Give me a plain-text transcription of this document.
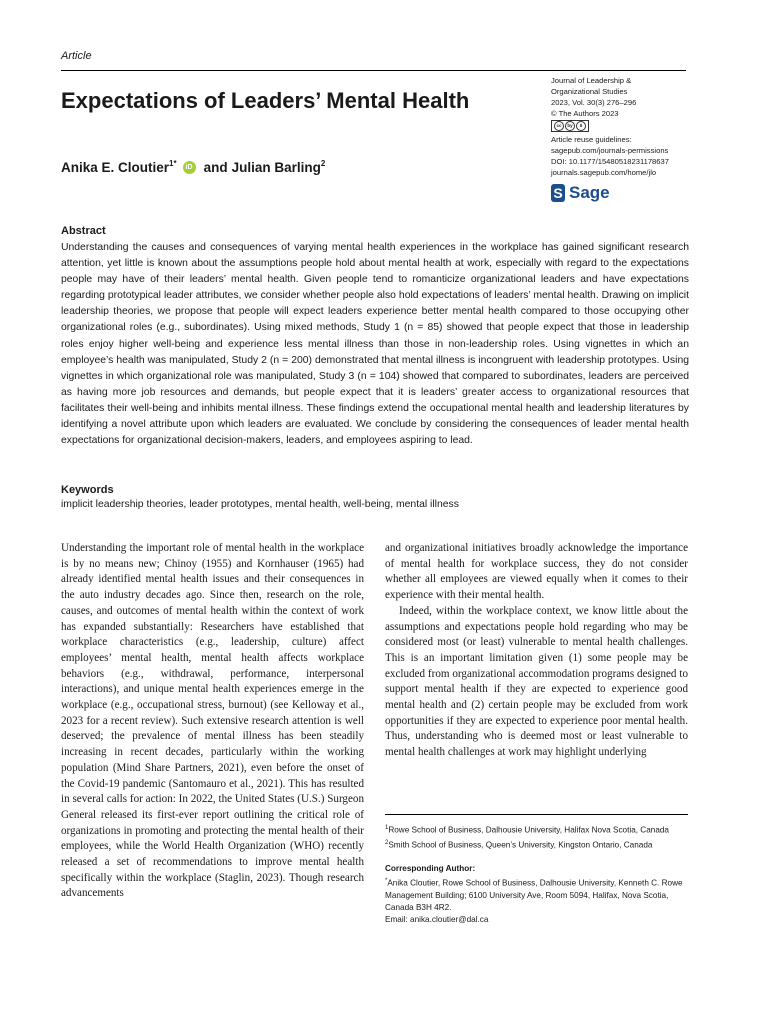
Article
Expectations of Leaders’ Mental Health
Anika E. Cloutier$^{1*}$	iD and Julian Barling$^2$
Journal of Leadership &
Organizational Studies
2023, Vol. 30(3) 276–296
© The Authors 2023
cc	by	$
Article reuse guidelines:
sagepub.com/journals-permissions
DOI: 10.1177/15480518231178637
journals.sagepub.com/home/jlo
S Sage
Abstract

Understanding the causes and consequences of varying mental health experiences in the workplace has gained significant research attention, yet little is known about the assumptions people hold about mental health at work, especially with regard to the expectations people may have of their leaders’ mental health. Given people tend to romanticize organizational leaders and have expectations regarding prototypical leader attributes, we consider whether people also hold expectations of leaders’ mental health. Drawing on implicit leadership theories, we propose that people will expect leaders experience better mental health compared to those occupying other organizational roles (e.g., subordinates). Using mixed methods, Study 1 (n = 85) showed that people expect that those in leadership roles enjoy higher well-being and experience less mental illness than those in non-leadership roles. Using vignettes in which an employee’s health was manipulated, Study 2 (n = 200) demonstrated that mental illness is incongruent with leadership prototypes. Using vignettes in which organizational role was manipulated, Study 3 (n = 104) showed that compared to subordinates, leaders are perceived as having more job resources and demands, but people expect that it is leaders’ greater access to organizational resources that facilitates their well-being and inhibits mental illness. These findings extend the occupational mental health and leadership literatures by identifying a novel attribute upon which leaders are evaluated. We conclude by considering the consequences of leader mental health expectations for organizational decision-makers, leaders, and employees aspiring to lead.

Keywords
implicit leadership theories, leader prototypes, mental health, well-being, mental illness

Understanding the important role of mental health in the workplace is by no means new; Chinoy (1955) and Kornhauser (1965) had already identified mental health issues and their consequences in the auto industry decades ago. Since then, research on the role, causes, and outcomes of mental health within the context of work has expanded substantially: Researchers have established that workplace characteristics (e.g., leadership, culture) affect employees’ mental health, mental health affects workplace behaviors (e.g., withdrawal, performance, interpersonal interactions), and unique mental health experiences emerge in the workplace (e.g., occupational stress, burnout) (see Kelloway et al., 2023 for a recent review). Such extensive research attention is well deserved; the prevalence of mental illness has been steadily increasing in recent decades, particularly within the working population (Mind Share Partners, 2021), even before the onset of the Covid-19 pandemic (Santomauro et al., 2021). This has resulted in several calls for action: In 2022, the United States (U.S.) Surgeon General released its first-ever report outlining the critical role of organizations in promoting and protecting the mental health of their employees, while the World Health Organization (WHO) recently released a set of recommendations to improve mental health specifically within the workplace (Staglin, 2023). Though research advancements

and organizational initiatives broadly acknowledge the importance of mental health for workplace success, they do not consider whether all employees are viewed equally when it comes to their experience with their mental health.

Indeed, within the workplace context, we know little about the assumptions and expectations people hold regarding who may be considered most (or least) vulnerable to mental health challenges. This is an important limitation given (1) some people may be excluded from organizational accommodation programs designed to support mental health if they are expected to experience good mental health and (2) certain people may be excluded from work opportunities if they are expected to experience poor mental health. Thus, understanding who is deemed most or least vulnerable to mental health challenges at work may highlight underlying

$^1$Rowe School of Business, Dalhousie University, Halifax Nova Scotia, Canada

$^2$Smith School of Business, Queen’s University, Kingston Ontario, Canada

Corresponding Author:

*Anika Cloutier, Rowe School of Business, Dalhousie University, Kenneth C. Rowe Management Building; 6100 University Ave, Room 5094, Halifax, Nova Scotia, Canada B3H 4R2.

Email: anika.cloutier@dal.ca
